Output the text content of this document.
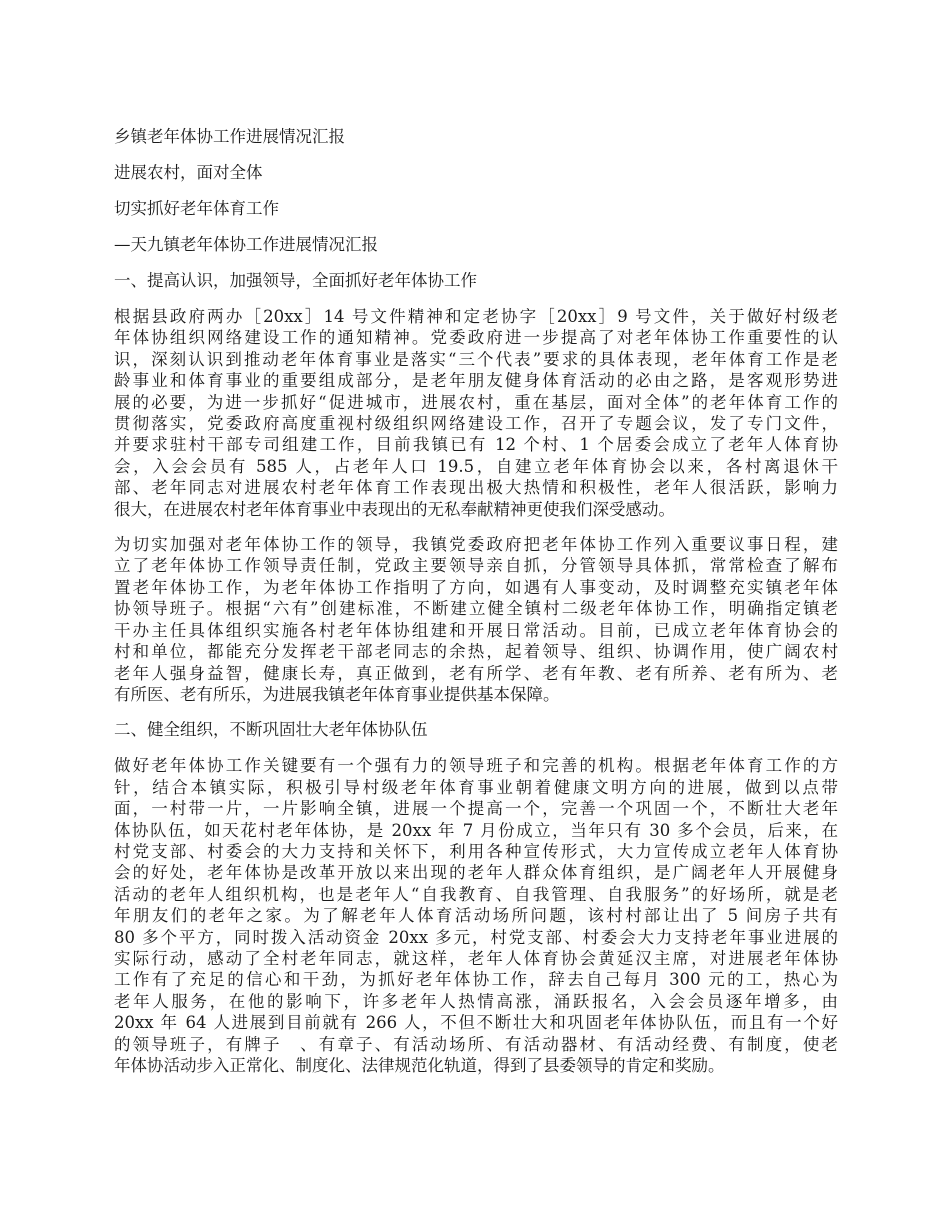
乡镇老年体协工作进展情况汇报
进展农村，面对全体
切实抓好老年体育工作
—天九镇老年体协工作进展情况汇报
一、提高认识，加强领导，全面抓好老年体协工作
根据县政府两办［20xx］14 号文件精神和定老协字［20xx］9 号文件，关于做好村级老
年体协组织网络建设工作的通知精神。党委政府进一步提高了对老年体协工作重要性的认
识，深刻认识到推动老年体育事业是落实“三个代表”要求的具体表现，老年体育工作是老
龄事业和体育事业的重要组成部分，是老年朋友健身体育活动的必由之路，是客观形势进
展的必要，为进一步抓好“促进城市，进展农村，重在基层，面对全体”的老年体育工作的
贯彻落实，党委政府高度重视村级组织网络建设工作，召开了专题会议，发了专门文件，
并要求驻村干部专司组建工作，目前我镇已有 12 个村、1 个居委会成立了老年人体育协
会，入会会员有 585 人，占老年人口 19.5，自建立老年体育协会以来，各村离退休干
部、老年同志对进展农村老年体育工作表现出极大热情和积极性，老年人很活跃，影响力
很大，在进展农村老年体育事业中表现出的无私奉献精神更使我们深受感动。
为切实加强对老年体协工作的领导，我镇党委政府把老年体协工作列入重要议事日程，建
立了老年体协工作领导责任制，党政主要领导亲自抓，分管领导具体抓，常常检查了解布
置老年体协工作，为老年体协工作指明了方向，如遇有人事变动，及时调整充实镇老年体
协领导班子。根据“六有”创建标准，不断建立健全镇村二级老年体协工作，明确指定镇老
干办主任具体组织实施各村老年体协组建和开展日常活动。目前，已成立老年体育协会的
村和单位，都能充分发挥老干部老同志的余热，起着领导、组织、协调作用，使广阔农村
老年人强身益智，健康长寿，真正做到，老有所学、老有年教、老有所养、老有所为、老
有所医、老有所乐，为进展我镇老年体育事业提供基本保障。
二、健全组织，不断巩固壮大老年体协队伍
做好老年体协工作关键要有一个强有力的领导班子和完善的机构。根据老年体育工作的方
针，结合本镇实际，积极引导村级老年体育事业朝着健康文明方向的进展，做到以点带
面，一村带一片，一片影响全镇，进展一个提高一个，完善一个巩固一个，不断壮大老年
体协队伍，如天花村老年体协，是 20xx 年 7 月份成立，当年只有 30 多个会员，后来，在
村党支部、村委会的大力支持和关怀下，利用各种宣传形式，大力宣传成立老年人体育协
会的好处，老年体协是改革开放以来出现的老年人群众体育组织，是广阔老年人开展健身
活动的老年人组织机构，也是老年人“自我教育、自我管理、自我服务”的好场所，就是老
年朋友们的老年之家。为了解老年人体育活动场所问题，该村村部让出了 5 间房子共有
80 多个平方，同时拨入活动资金 20xx 多元，村党支部、村委会大力支持老年事业进展的
实际行动，感动了全村老年同志，就这样，老年人体育协会黄延汉主席，对进展老年体协
工作有了充足的信心和干劲，为抓好老年体协工作，辞去自己每月 300 元的工，热心为
老年人服务，在他的影响下，许多老年人热情高涨，涌跃报名，入会会员逐年增多，由
20xx 年 64 人进展到目前就有 266 人，不但不断壮大和巩固老年体协队伍，而且有一个好
的领导班子，有牌子　、有章子、有活动场所、有活动器材、有活动经费、有制度，使老
年体协活动步入正常化、制度化、法律规范化轨道，得到了县委领导的肯定和奖励。
